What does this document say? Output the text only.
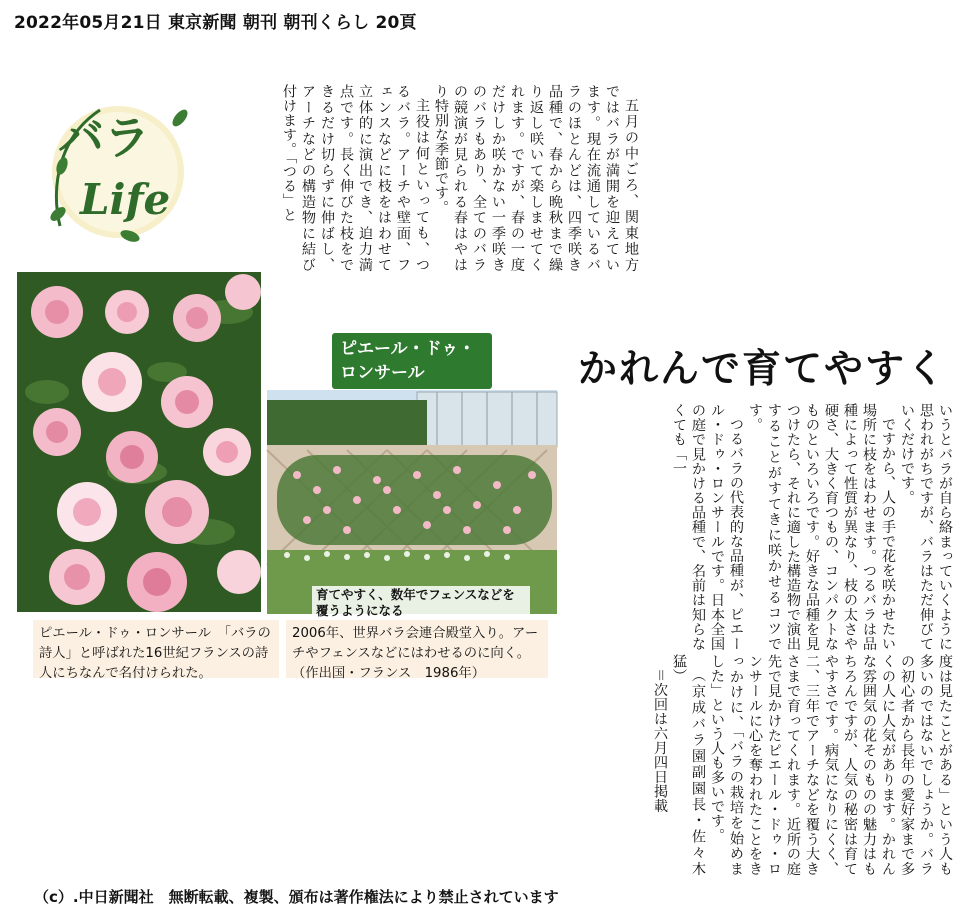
2022年05月21日 東京新聞 朝刊 朝刊くらし 20頁
バラ
Life	五月の中ごろ、関東地方ではバラが満開を迎えています。現在流通しているバラのほとんどは、四季咲き品種で、春から晩秋まで繰り返し咲いて楽しませてくれます。ですが、春の一度だけしか咲かない一季咲きのバラもあり、全てのバラの競演が見られる春はやはり特別な季節です。

主役は何といっても、つるバラ。アーチや壁面、フェンスなどに枝をはわせて立体的に演出でき、迫力満点です。長く伸びた枝をできるだけ切らずに伸ばし、アーチなどの構造物に結び付けます。「つる」と

かれんで育てやすく
ピエール・ドゥ・ロンサール
育てやすく、数年でフェンスなどを覆うようになる
ピエール・ドゥ・ロンサール　「バラの詩人」と呼ばれた16世紀フランスの詩人にちなんで名付けられた。
2006年、世界バラ会連合殿堂入り。アーチやフェンスなどにはわせるのに向く。（作出国・フランス　1986年）

いうとバラが自ら絡まっていくように思われがちですが、バラはただ伸びていくだけです。

ですから、人の手で花を咲かせたい場所に枝をはわせます。つるバラは品種によって性質が異なり、枝の太さや硬さ、大きく育つもの、コンパクトなものといろいろです。好きな品種を見つけたら、それに適した構造物で演出することがすてきに咲かせるコツです。

つるバラの代表的な品種が、ピエール・ドゥ・ロンサールです。日本全国の庭で見かける品種で、名前は知らなくても「一

度は見たことがある」という人も多いのではないでしょうか。バラの初心者から長年の愛好家まで多くの人に人気があります。かれんな雰囲気の花そのものの魅力はもちろんですが、人気の秘密は育てやすさです。病気になりにくく、二、三年でアーチなどを覆う大きさまで育ってくれます。近所の庭先で見かけたピエール・ドゥ・ロンサールに心を奪われたことをきっかけに、「バラの栽培を始めました」という人も多いです。

（京成バラ園副園長・佐々木　猛）

＝次回は六月四日掲載

（c）.中日新聞社　無断転載、複製、頒布は著作権法により禁止されています
